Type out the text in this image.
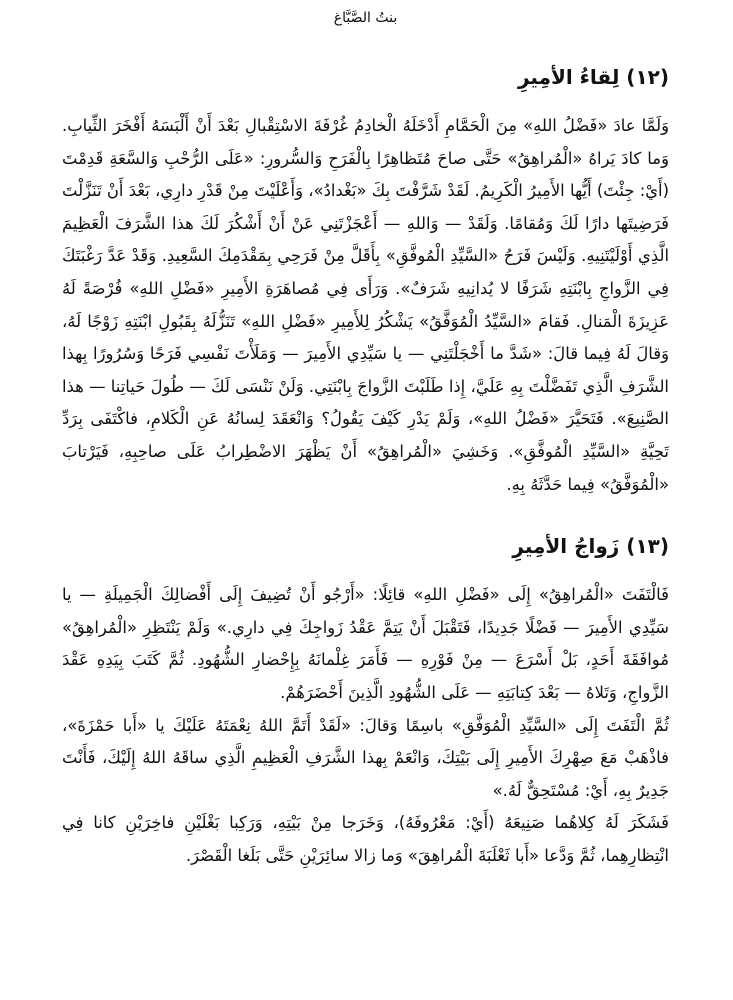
بنتُ الصَّبَّاغ
(١٢) لِقاءُ الأمِيرِ

وَلَمَّا عادَ «فَضْلُ اللهِ» مِنَ الْحَمَّامِ أَدْخَلَهُ الْخادِمُ غُرْفَةَ الاسْتِقْبالِ بَعْدَ أَنْ أَلْبَسَهُ أَفْخَرَ الثِّيابِ. وَما كادَ يَراهُ «الْمُراهِقُ» حَتَّى صاحَ مُتَظاهِرًا بِالْفَرَحِ وَالسُّرورِ: «عَلَى الرُّحْبِ وَالسَّعَةِ قَدِمْتَ (أَيْ: جِئْتَ) أَيُّها الأَمِيرُ الْكَرِيمُ. لَقَدْ شَرَّفْتَ بِكَ «بَغْدادُ»، وَأَعْلَيْتَ مِنْ قَدْرِ دارِي، بَعْدَ أَنْ تَنَزَّلْتَ فَرَضِيتَها دارًا لَكَ وَمُقامًا. وَلَقَدْ — وَاللهِ — أَعْجَزْتَنِي عَنْ أَنْ أَشْكُرَ لَكَ هذا الشَّرَفَ الْعَظِيمَ الَّذِي أَوْلَيْتَنِيهِ. وَلَيْسَ فَرَحُ «السَّيِّدِ الْمُوفَّقِ» بِأَقَلَّ مِنْ فَرَحِي بِمَقْدَمِكَ السَّعِيدِ. وَقَدْ عَدَّ رَغْبَتَكَ فِي الزَّواجِ بِابْنَتِهِ شَرَفًا لا يُدانِيهِ شَرَفٌ». وَرَأَى فِي مُصاهَرَةِ الأَمِيرِ «فَضْلِ اللهِ» فُرْصَةً لَهُ عَزِيزَةَ الْمَنالِ. فَقامَ «السَّيِّدُ الْمُوَفَّقُ» يَشْكُرُ لِلأَمِيرِ «فَضْلِ اللهِ» تَنَزُّلَهُ بِقَبُولِ ابْنَتِهِ زَوْجًا لَهُ، وَقالَ لَهُ فِيما قالَ: «شَدَّ ما أَخْجَلْتَنِي — يا سَيِّدِي الأَمِيرَ — وَمَلَأْتَ نَفْسِي فَرَحًا وَسُرُورًا بِهذا الشَّرَفِ الَّذِي تَفَضَّلْتَ بِهِ عَلَيَّ، إِذا طَلَبْتَ الزَّواجَ بِابْنَتِي. وَلَنْ نَنْسَى لَكَ — طُولَ حَياتِنا — هذا الصَّنِيعَ». فَتَحَيَّرَ «فَضْلُ اللهِ»، وَلَمْ يَدْرِ كَيْفَ يَقُولُ؟ وَانْعَقَدَ لِسانُهُ عَنِ الْكَلامِ، فاكْتَفَى بِرَدِّ تَحِيَّةِ «السَّيِّدِ الْمُوفَّقِ». وَخَشِيَ «الْمُراهِقُ» أَنْ يَظْهَرَ الاضْطِرابُ عَلَى صاحِبِهِ، فَيَرْتابَ «الْمُوَفَّقُ» فِيما حَدَّثَهُ بِهِ.

(١٣) زَواجُ الأمِيرِ

فَالْتَفَتَ «الْمُراهِقُ» إِلَى «فَضْلِ اللهِ» قائِلًا: «أَرْجُو أَنْ تُضِيفَ إِلَى أَفْضالِكَ الْجَمِيلَةِ — يا سَيِّدِي الأَمِيرَ — فَضْلًا جَدِيدًا، فَتَقْبَلَ أَنْ يَتِمَّ عَقْدُ زَواجِكَ فِي دارِي.» وَلَمْ يَنْتَظِرِ «الْمُراهِقُ» مُوافَقَةَ أَحَدٍ، بَلْ أَسْرَعَ — مِنْ فَوْرِهِ — فَأَمَرَ غِلْمانَهُ بِإِحْضارِ الشُّهُودِ. ثُمَّ كَتَبَ بِيَدِهِ عَقْدَ الزَّواجِ، وَتَلاهُ — بَعْدَ كِتابَتِهِ — عَلَى الشُّهُودِ الَّذِينَ أَحْضَرَهُمْ.

ثُمَّ الْتَفَتَ إِلَى «السَّيِّدِ الْمُوَفَّقِ» باسِمًا وَقالَ: «لَقَدْ أَتَمَّ اللهُ نِعْمَتَهُ عَلَيْكَ يا «أَبا حَمْزَةَ»، فاذْهَبْ مَعَ صِهْرِكَ الأَمِيرِ إِلَى بَيْتِكَ، وَانْعَمْ بِهذا الشَّرَفِ الْعَظِيمِ الَّذِي ساقَهُ اللهُ إِلَيْكَ، فَأَنْتَ جَدِيرٌ بِهِ، أَيْ: مُسْتَحِقٌّ لَهُ.»

فَشَكَرَ لَهُ كِلاهُما صَنِيعَهُ (أَيْ: مَعْرُوفَهُ)، وَخَرَجا مِنْ بَيْتِهِ، وَرَكِبا بَغْلَيْنِ فاخِرَيْنِ كانا فِي انْتِظارِهِما، ثُمَّ وَدَّعا «أَبا ثَعْلَبَةَ الْمُراهِقَ» وَما زالا سائِرَيْنِ حَتَّى بَلَغا الْقَصْرَ.
